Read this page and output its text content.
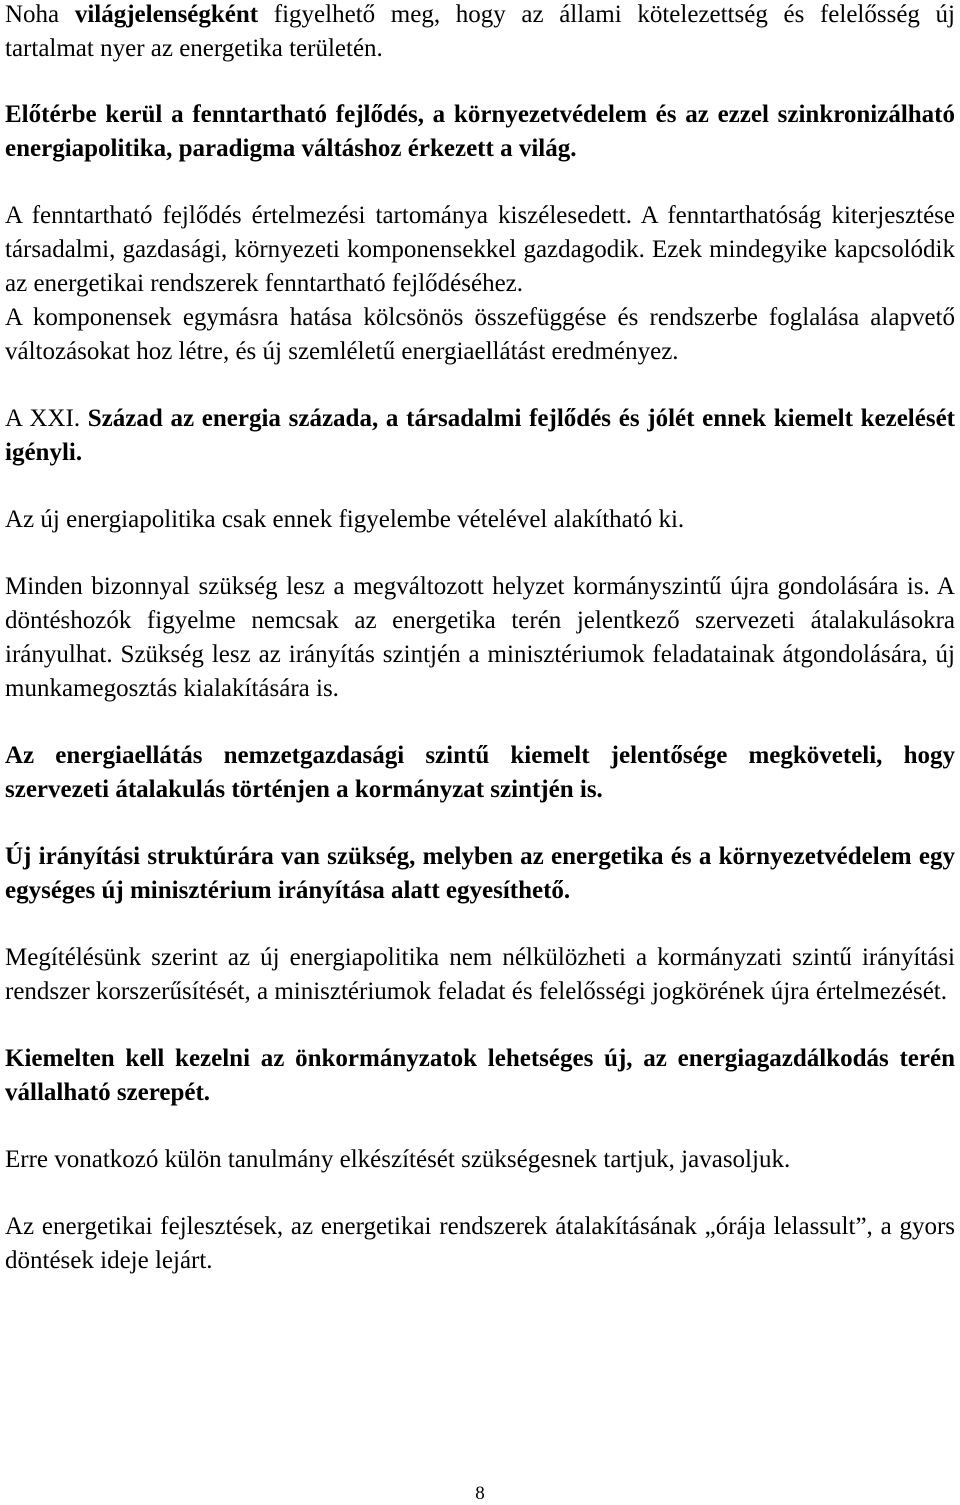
Noha világjelenségként figyelhető meg, hogy az állami kötelezettség és felelősség új tartalmat nyer az energetika területén.

Előtérbe kerül a fenntartható fejlődés, a környezetvédelem és az ezzel szinkronizálható energiapolitika, paradigma váltáshoz érkezett a világ.

A fenntartható fejlődés értelmezési tartománya kiszélesedett. A fenntarthatóság kiterjesztése társadalmi, gazdasági, környezeti komponensekkel gazdagodik. Ezek mindegyike kapcsolódik az energetikai rendszerek fenntartható fejlődéséhez.

A komponensek egymásra hatása kölcsönös összefüggése és rendszerbe foglalása alapvető változásokat hoz létre, és új szemléletű energiaellátást eredményez.

A XXI. Század az energia százada, a társadalmi fejlődés és jólét ennek kiemelt kezelését igényli.

Az új energiapolitika csak ennek figyelembe vételével alakítható ki.

Minden bizonnyal szükség lesz a megváltozott helyzet kormányszintű újra gondolására is. A döntéshozók figyelme nemcsak az energetika terén jelentkező szervezeti átalakulásokra irányulhat. Szükség lesz az irányítás szintjén a minisztériumok feladatainak átgondolására, új munkamegosztás kialakítására is.

Az energiaellátás nemzetgazdasági szintű kiemelt jelentősége megköveteli, hogy szervezeti átalakulás történjen a kormányzat szintjén is.

Új irányítási struktúrára van szükség, melyben az energetika és a környezetvédelem egy egységes új minisztérium irányítása alatt egyesíthető.

Megítélésünk szerint az új energiapolitika nem nélkülözheti a kormányzati szintű irányítási rendszer korszerűsítését, a minisztériumok feladat és felelősségi jogkörének újra értelmezését.

Kiemelten kell kezelni az önkormányzatok lehetséges új, az energiagazdálkodás terén vállalható szerepét.

Erre vonatkozó külön tanulmány elkészítését szükségesnek tartjuk, javasoljuk.

Az energetikai fejlesztések, az energetikai rendszerek átalakításának „órája lelassult”, a gyors döntések ideje lejárt.

8
